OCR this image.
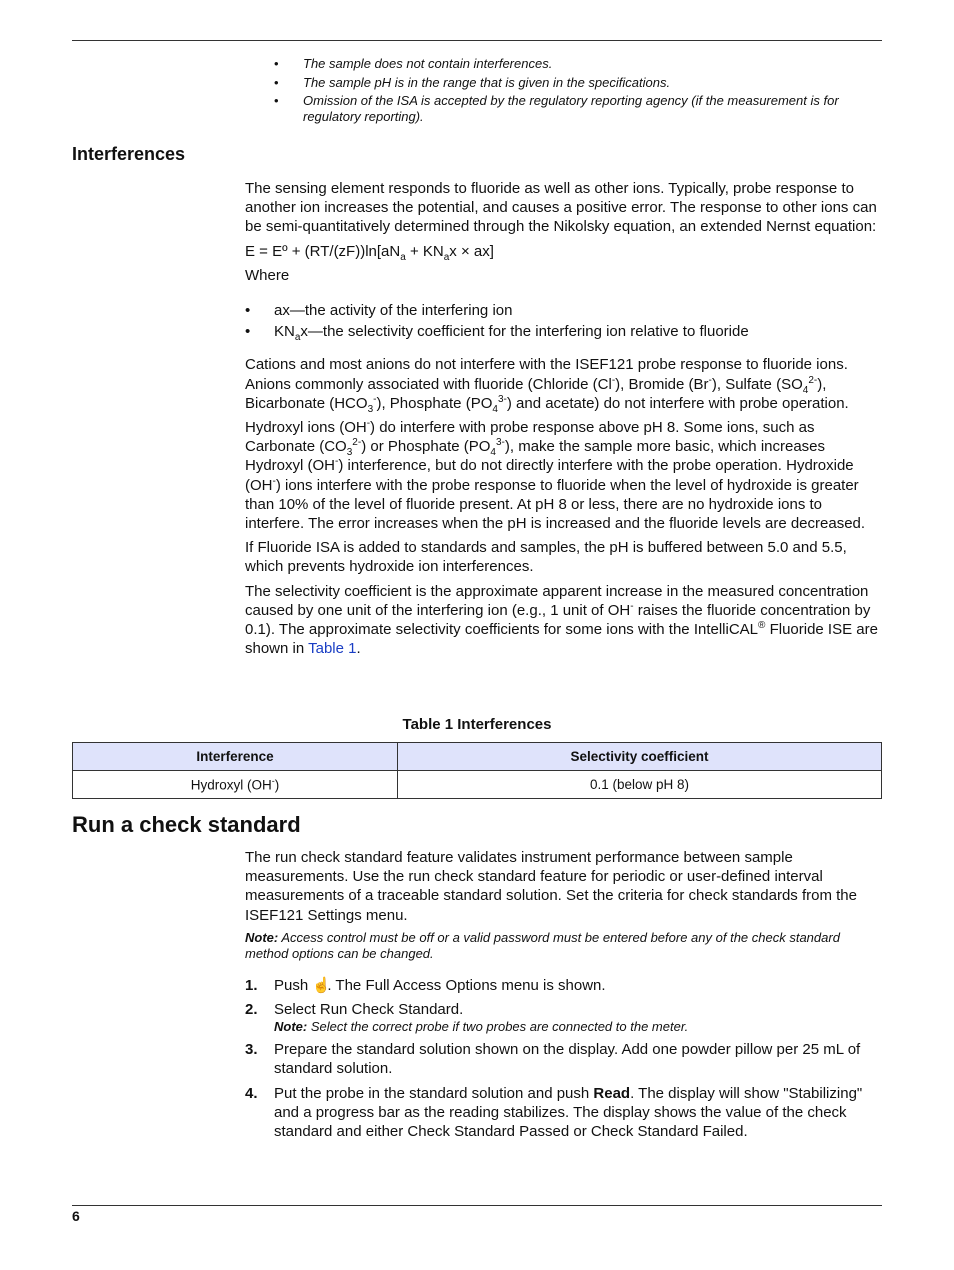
• The sample does not contain interferences.
• The sample pH is in the range that is given in the specifications.
• Omission of the ISA is accepted by the regulatory reporting agency (if the measurement is for regulatory reporting).
Interferences

The sensing element responds to fluoride as well as other ions. Typically, probe response to another ion increases the potential, and causes a positive error. The response to other ions can be semi-quantitatively determined through the Nikolsky equation, an extended Nernst equation:

E = Eº + $(RT/(zF))\ln[aN_a + KN_ax \times ax]$

Where

• ax—the activity of the interfering ion
• $KN_ax—the$ selectivity coefficient for the interfering ion relative to fluoride

Cations and most anions do not interfere with the ISEF121 probe response to fluoride ions. Anions commonly associated with fluoride (Chloride (Cl-), Bromide (Br-), Sulfate $(SO_4^{2-})$, Bicarbonate $(HCO_3^-)$, Phosphate $(PO_4^{3-})$ and acetate) do not interfere with probe operation.

Hydroxyl ions (OH-) do interfere with probe response above pH 8. Some ions, such as Carbonate $(CO_3^{2-})$ or Phosphate $(PO_4^{3-})$, make the sample more basic, which increases Hydroxyl (OH-) interference, but do not directly interfere with the probe operation. Hydroxide (OH-) ions interfere with the probe response to fluoride when the level of hydroxide is greater than 10% of the level of fluoride present. At pH 8 or less, there are no hydroxide ions to interfere. The error increases when the pH is increased and the fluoride levels are decreased.

If Fluoride ISA is added to standards and samples, the pH is buffered between 5.0 and 5.5, which prevents hydroxide ion interferences.

The selectivity coefficient is the approximate apparent increase in the measured concentration caused by one unit of the interfering ion (e.g., 1 unit of OH- raises the fluoride concentration by 0.1). The approximate selectivity coefficients for some ions with the IntelliCAL® Fluoride ISE are shown in Table 1.

Table 1 Interferences
Interference	Selectivity coefficient
Hydroxyl (OH-)	0.1 (below pH 8)
Run a check standard

The run check standard feature validates instrument performance between sample measurements. Use the run check standard feature for periodic or user-defined interval measurements of a traceable standard solution. Set the criteria for check standards from the ISEF121 Settings menu.

Note: Access control must be off or a valid password must be entered before any of the check standard method options can be changed.

1. Push ☝. The Full Access Options menu is shown.
2. Select Run Check Standard.
Note: Select the correct probe if two probes are connected to the meter.
3. Prepare the standard solution shown on the display. Add one powder pillow per 25 mL of standard solution.
4. Put the probe in the standard solution and push Read. The display will show "Stabilizing" and a progress bar as the reading stabilizes. The display shows the value of the check standard and either Check Standard Passed or Check Standard Failed.
6
